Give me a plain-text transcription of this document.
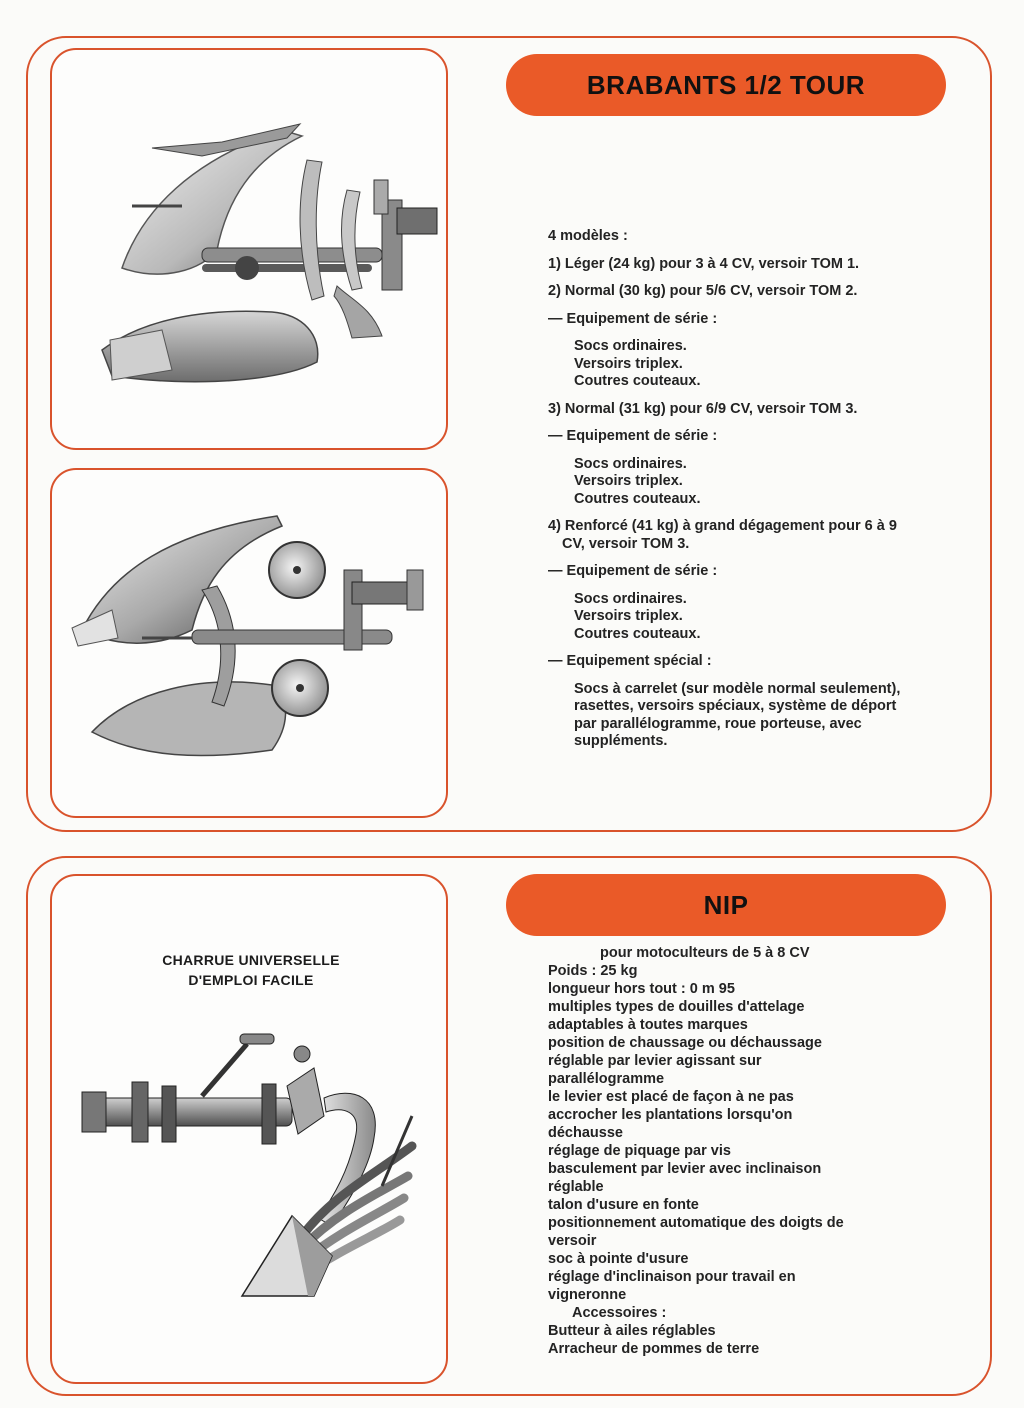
BRABANTS 1/2 TOUR

4 modèles :

1) Léger (24 kg) pour 3 à 4 CV, versoir TOM 1.

2) Normal (30 kg) pour 5/6 CV, versoir TOM 2.

— Equipement de série :

Socs ordinaires.
Versoirs triplex.
Coutres couteaux.

3) Normal (31 kg) pour 6/9 CV, versoir TOM 3.

— Equipement de série :

Socs ordinaires.
Versoirs triplex.
Coutres couteaux.

4) Renforcé (41 kg) à grand dégagement pour 6 à 9 CV, versoir TOM 3.

— Equipement de série :

Socs ordinaires.
Versoirs triplex.
Coutres couteaux.

— Equipement spécial :

Socs à carrelet (sur modèle normal seulement), rasettes, versoirs spéciaux, système de déport par parallélogramme, roue porteuse, avec suppléments.
CHARRUE UNIVERSELLE
D'EMPLOI FACILE
NIP
pour motoculteurs de 5 à 8 CV
Poids : 25 kg
longueur hors tout : 0 m 95
multiples types de douilles d'attelage
adaptables à toutes marques
position de chaussage ou déchaussage
réglable par levier agissant sur
parallélogramme
le levier est placé de façon à ne pas
accrocher les plantations lorsqu'on
déchausse
réglage de piquage par vis
basculement par levier avec inclinaison
réglable
talon d'usure en fonte
positionnement automatique des doigts de
versoir
soc à pointe d'usure
réglage d'inclinaison pour travail en
vigneronne
Accessoires :
Butteur à ailes réglables
Arracheur de pommes de terre
